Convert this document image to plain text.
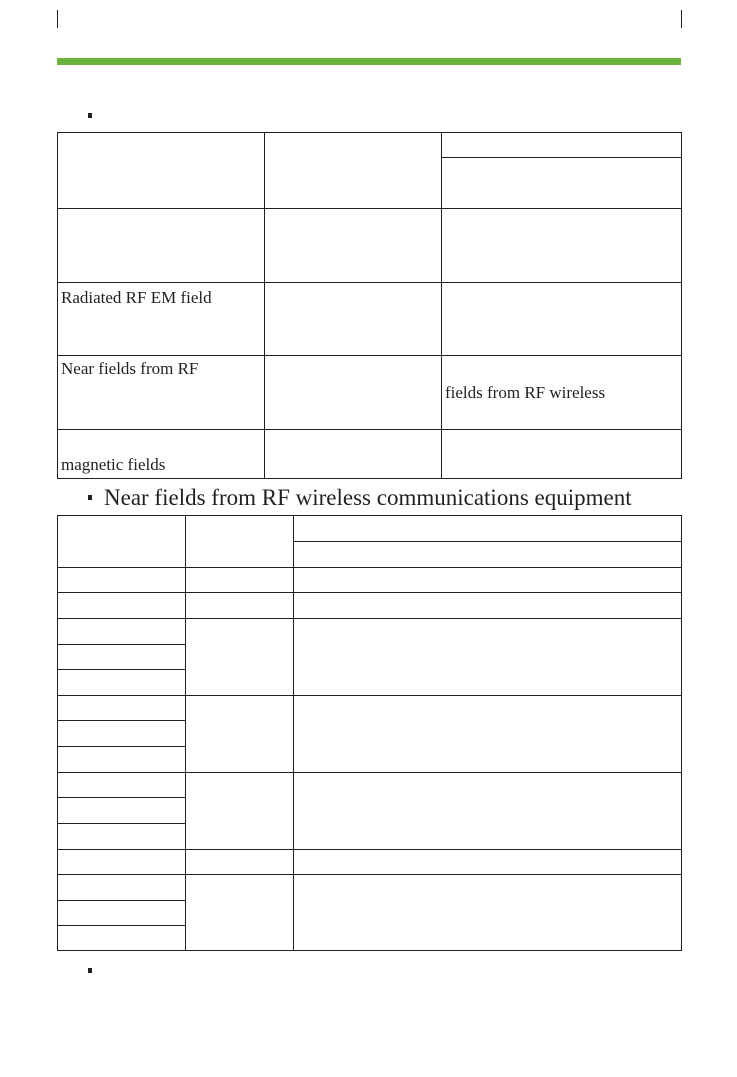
Radiated RF EM field		
Near fields from RF		fields from RF wireless
magnetic fields		
Near fields from RF wireless communications equipment
